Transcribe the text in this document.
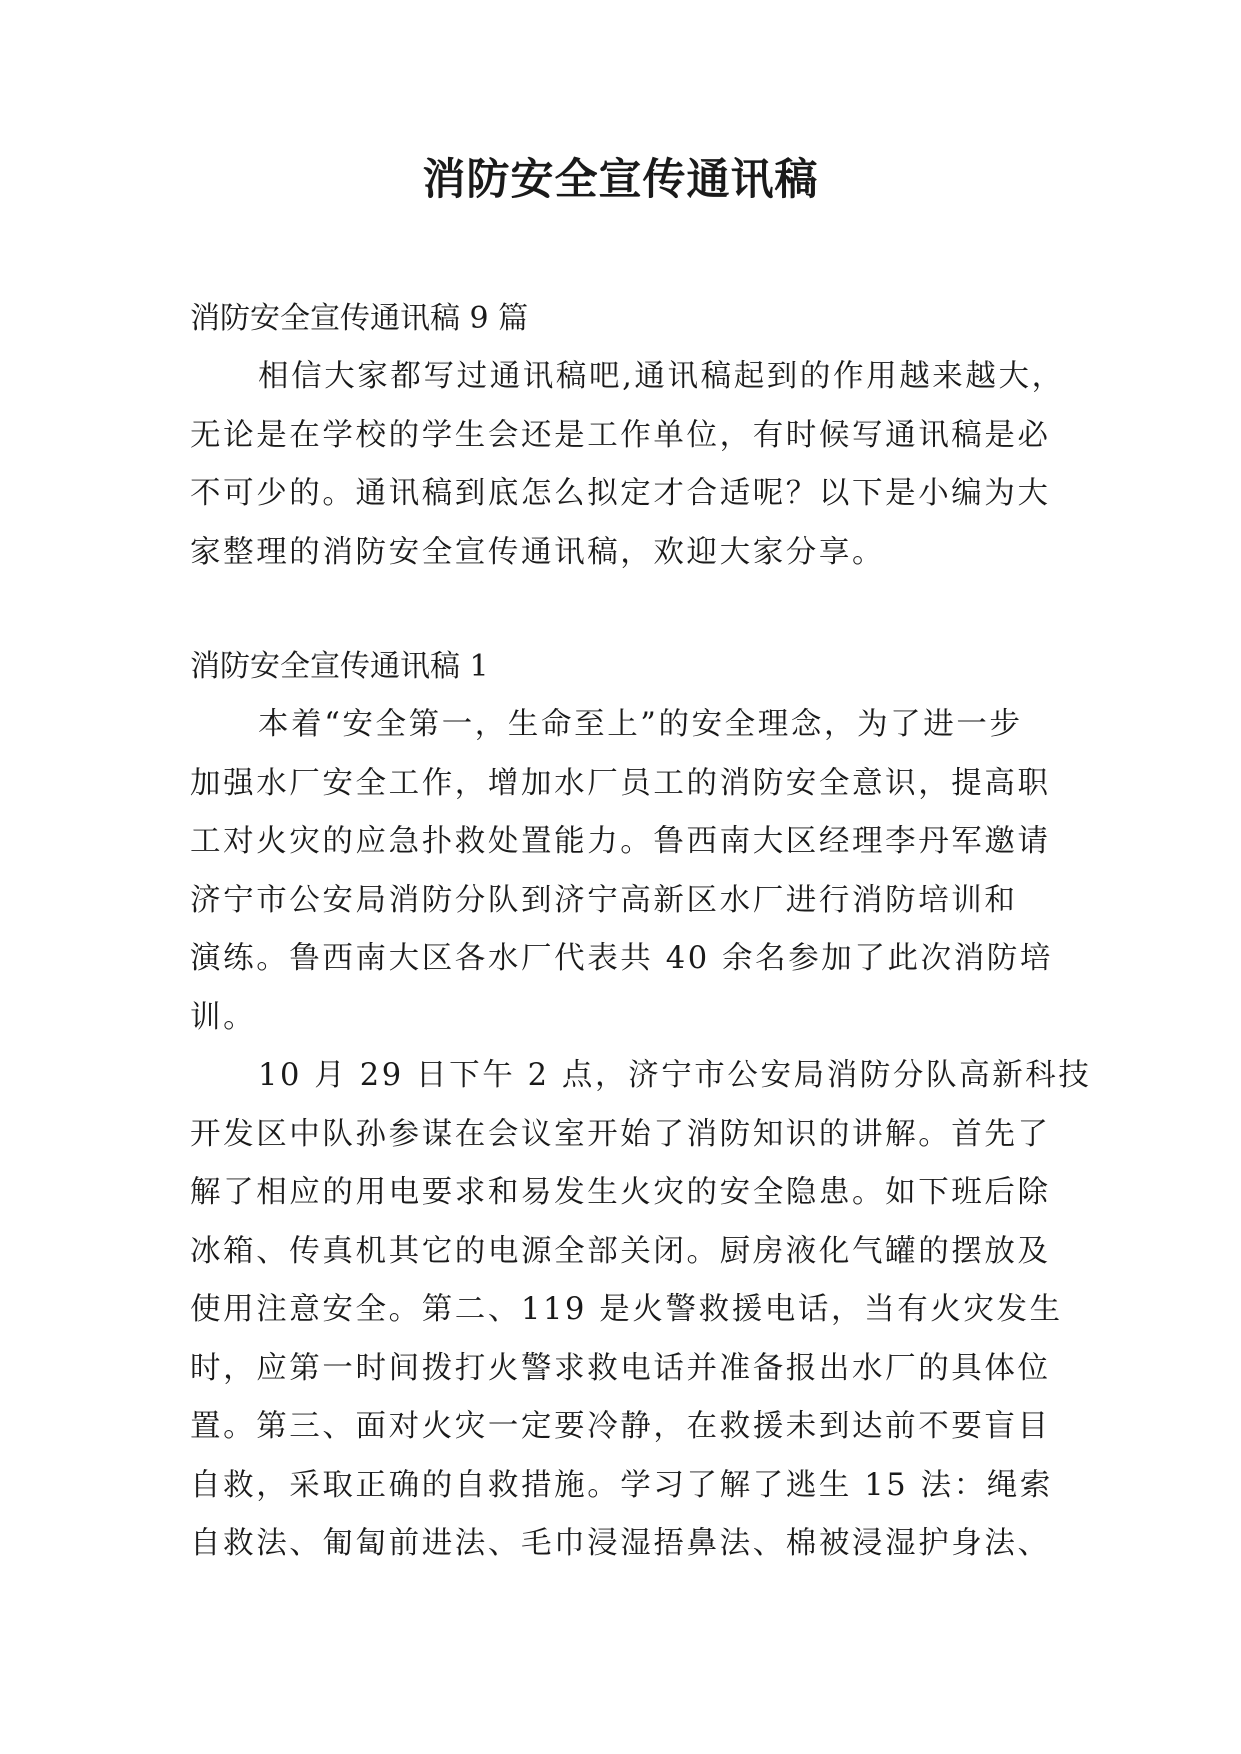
消防安全宣传通讯稿

消防安全宣传通讯稿 9 篇

相信大家都写过通讯稿吧,通讯稿起到的作用越来越大，
无论是在学校的学生会还是工作单位，有时候写通讯稿是必
不可少的。通讯稿到底怎么拟定才合适呢？以下是小编为大
家整理的消防安全宣传通讯稿，欢迎大家分享。

消防安全宣传通讯稿 1

本着“安全第一，生命至上”的安全理念，为了进一步
加强水厂安全工作，增加水厂员工的消防安全意识，提高职
工对火灾的应急扑救处置能力。鲁西南大区经理李丹军邀请
济宁市公安局消防分队到济宁高新区水厂进行消防培训和
演练。鲁西南大区各水厂代表共 40 余名参加了此次消防培
训。

10 月 29 日下午 2 点，济宁市公安局消防分队高新科技
开发区中队孙参谋在会议室开始了消防知识的讲解。首先了
解了相应的用电要求和易发生火灾的安全隐患。如下班后除
冰箱、传真机其它的电源全部关闭。厨房液化气罐的摆放及
使用注意安全。第二、119 是火警救援电话，当有火灾发生
时，应第一时间拨打火警求救电话并准备报出水厂的具体位
置。第三、面对火灾一定要冷静，在救援未到达前不要盲目
自救，采取正确的自救措施。学习了解了逃生 15 法：绳索
自救法、匍匐前进法、毛巾浸湿捂鼻法、棉被浸湿护身法、
